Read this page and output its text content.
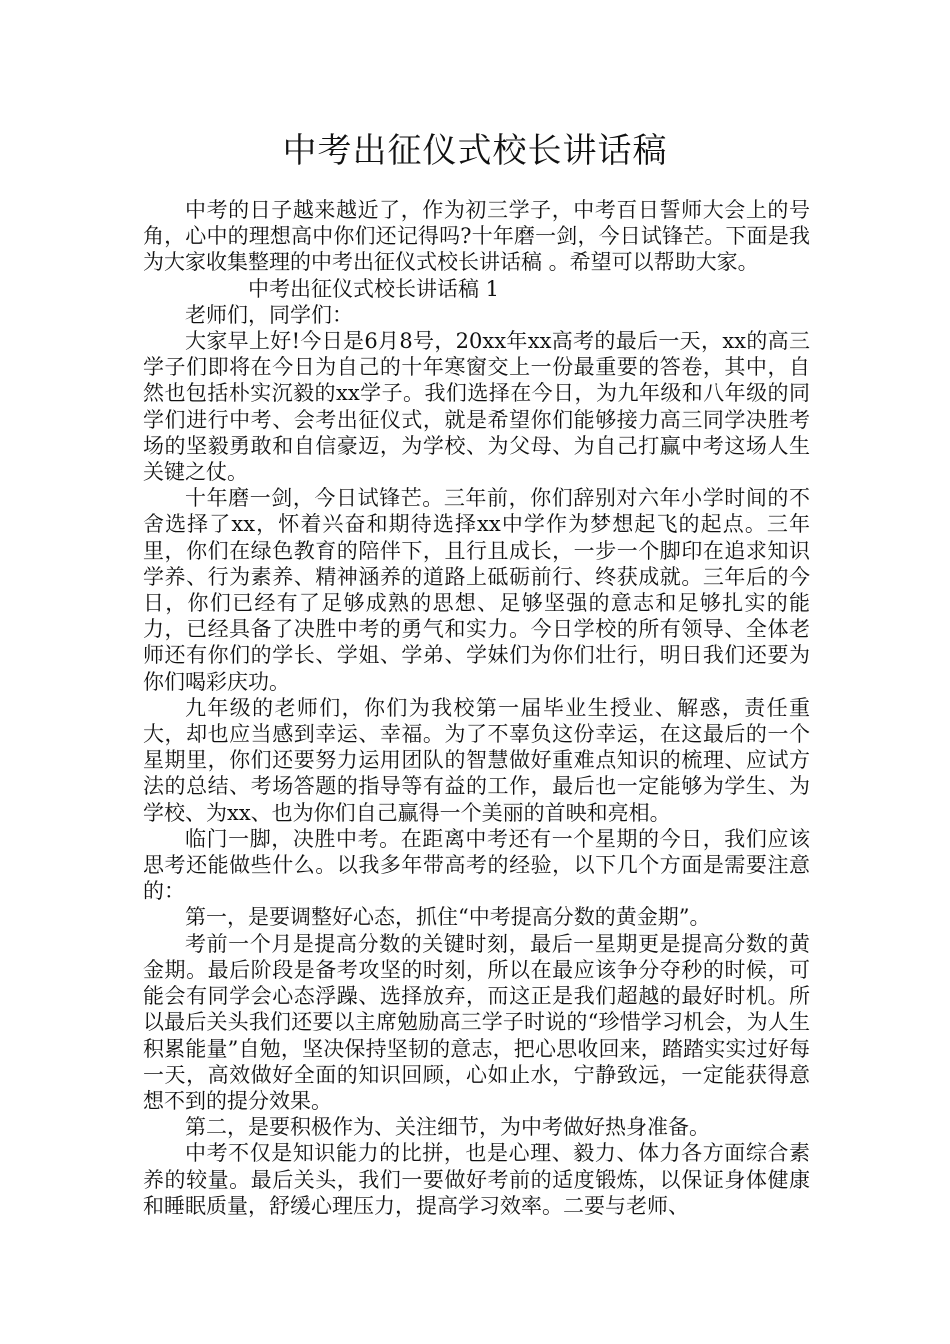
中考出征仪式校长讲话稿

中考的日子越来越近了，作为初三学子，中考百日誓师大会上的号角，心中的理想高中你们还记得吗?十年磨一剑，今日试锋芒。下面是我为大家收集整理的中考出征仪式校长讲话稿 。希望可以帮助大家。

中考出征仪式校长讲话稿 1

老师们，同学们：

大家早上好!今日是6月8号，20xx年xx高考的最后一天，xx的高三学子们即将在今日为自己的十年寒窗交上一份最重要的答卷，其中，自然也包括朴实沉毅的xx学子。我们选择在今日，为九年级和八年级的同学们进行中考、会考出征仪式，就是希望你们能够接力高三同学决胜考场的坚毅勇敢和自信豪迈，为学校、为父母、为自己打赢中考这场人生关键之仗。

十年磨一剑，今日试锋芒。三年前，你们辞别对六年小学时间的不舍选择了xx，怀着兴奋和期待选择xx中学作为梦想起飞的起点。三年里，你们在绿色教育的陪伴下，且行且成长，一步一个脚印在追求知识学养、行为素养、精神涵养的道路上砥砺前行、终获成就。三年后的今日，你们已经有了足够成熟的思想、足够坚强的意志和足够扎实的能力，已经具备了决胜中考的勇气和实力。今日学校的所有领导、全体老师还有你们的学长、学姐、学弟、学妹们为你们壮行，明日我们还要为你们喝彩庆功。

九年级的老师们，你们为我校第一届毕业生授业、解惑，责任重大，却也应当感到幸运、幸福。为了不辜负这份幸运，在这最后的一个星期里，你们还要努力运用团队的智慧做好重难点知识的梳理、应试方法的总结、考场答题的指导等有益的工作，最后也一定能够为学生、为学校、为xx、也为你们自己赢得一个美丽的首映和亮相。

临门一脚，决胜中考。在距离中考还有一个星期的今日，我们应该思考还能做些什么。以我多年带高考的经验，以下几个方面是需要注意的：

第一，是要调整好心态，抓住“中考提高分数的黄金期”。

考前一个月是提高分数的关键时刻，最后一星期更是提高分数的黄金期。最后阶段是备考攻坚的时刻，所以在最应该争分夺秒的时候，可能会有同学会心态浮躁、选择放弃，而这正是我们超越的最好时机。所以最后关头我们还要以主席勉励高三学子时说的“珍惜学习机会，为人生积累能量”自勉，坚决保持坚韧的意志，把心思收回来，踏踏实实过好每一天，高效做好全面的知识回顾，心如止水，宁静致远，一定能获得意想不到的提分效果。

第二，是要积极作为、关注细节，为中考做好热身准备。

中考不仅是知识能力的比拼，也是心理、毅力、体力各方面综合素养的较量。最后关头，我们一要做好考前的适度锻炼，以保证身体健康和睡眠质量，舒缓心理压力，提高学习效率。二要与老师、
